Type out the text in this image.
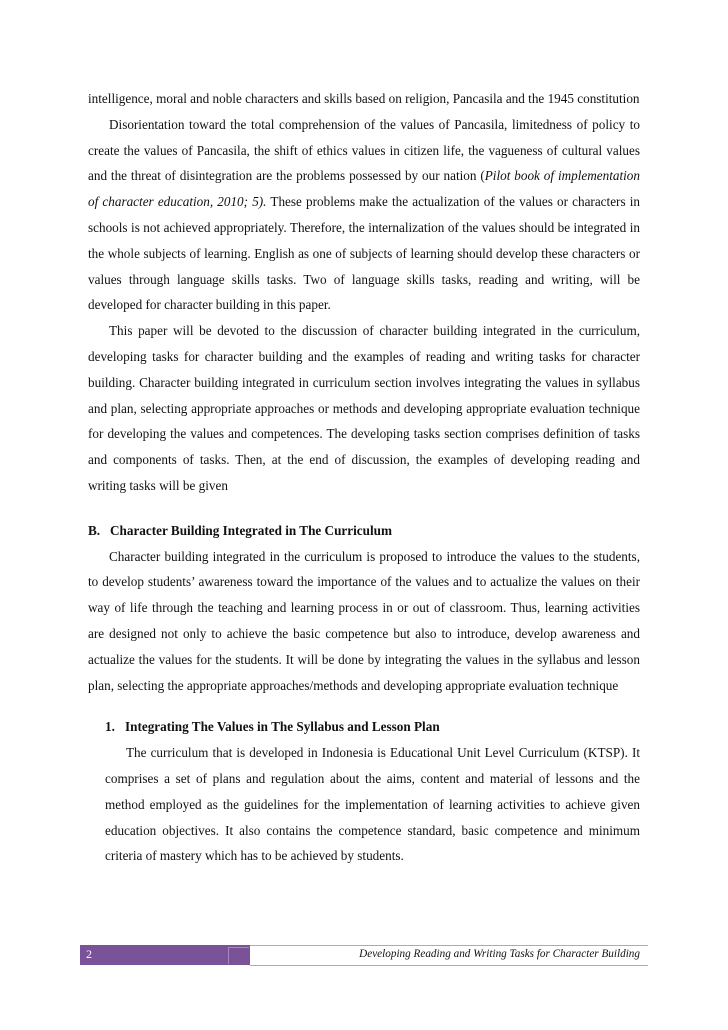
intelligence, moral and noble characters and skills based on religion, Pancasila and the 1945 constitution

Disorientation toward the total comprehension of the values of Pancasila, limitedness of policy to create the values of Pancasila, the shift of ethics values in citizen life, the vagueness of cultural values and the threat of disintegration are the problems possessed by our nation (Pilot book of implementation of character education, 2010; 5). These problems make the actualization of the values or characters in schools is not achieved appropriately. Therefore, the internalization of the values should be integrated in the whole subjects of learning. English as one of subjects of learning should develop these characters or values through language skills tasks. Two of language skills tasks, reading and writing, will be developed for character building in this paper.

This paper will be devoted to the discussion of character building integrated in the curriculum, developing tasks for character building and the examples of reading and writing tasks for character building. Character building integrated in curriculum section involves integrating the values in syllabus and plan, selecting appropriate approaches or methods and developing appropriate evaluation technique for developing the values and competences. The developing tasks section comprises definition of tasks and components of tasks. Then, at the end of discussion, the examples of developing reading and writing tasks will be given

B. Character Building Integrated in The Curriculum

Character building integrated in the curriculum is proposed to introduce the values to the students, to develop students’ awareness toward the importance of the values and to actualize the values on their way of life through the teaching and learning process in or out of classroom. Thus, learning activities are designed not only to achieve the basic competence but also to introduce, develop awareness and actualize the values for the students. It will be done by integrating the values in the syllabus and lesson plan, selecting the appropriate approaches/methods and developing appropriate evaluation technique

1. Integrating The Values in The Syllabus and Lesson Plan

The curriculum that is developed in Indonesia is Educational Unit Level Curriculum (KTSP). It comprises a set of plans and regulation about the aims, content and material of lessons and the method employed as the guidelines for the implementation of learning activities to achieve given education objectives. It also contains the competence standard, basic competence and minimum criteria of mastery which has to be achieved by students.

2	Developing Reading and Writing Tasks for Character Building
